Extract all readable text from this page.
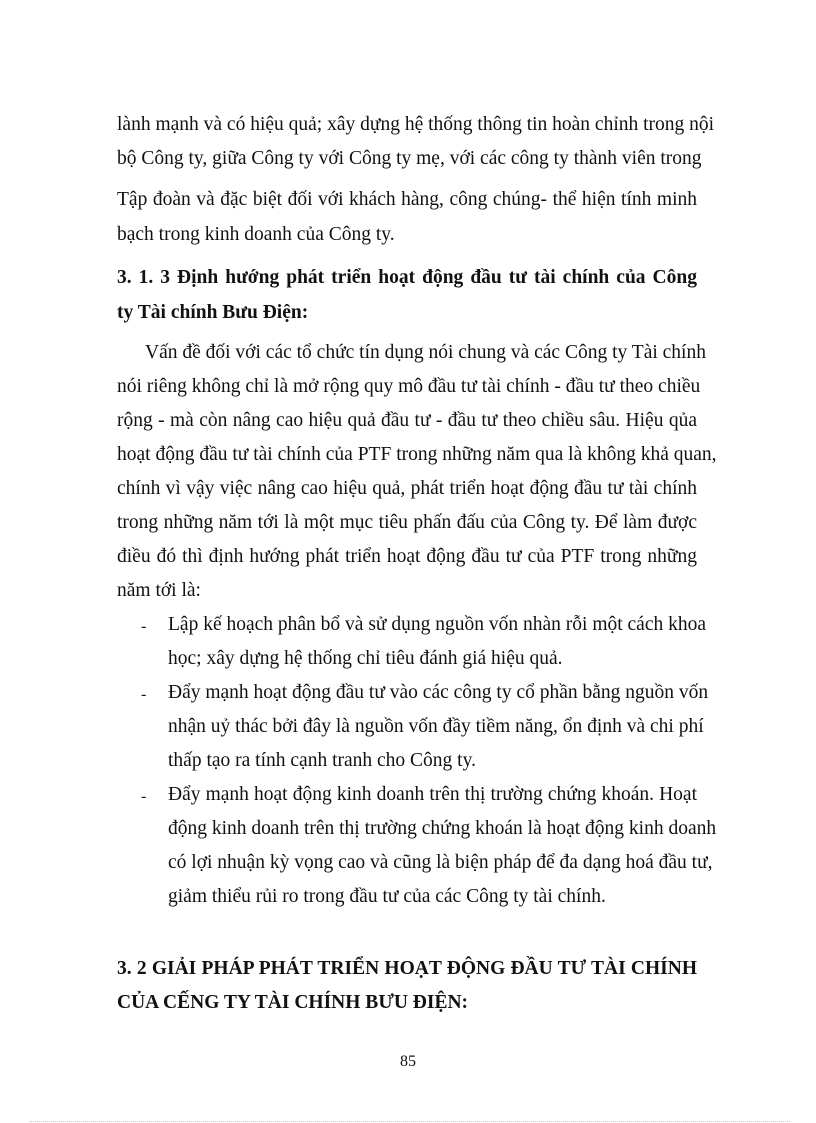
lành mạnh và có hiệu quả; xây dựng hệ thống thông tin hoàn chỉnh trong nội
bộ Công ty, giữa Công ty với Công ty mẹ, với các công ty thành viên trong
Tập đoàn và đặc biệt đối với khách hàng, công chúng- thể hiện tính minh
bạch trong kinh doanh của Công ty.
3. 1. 3 Định hướng phát triển hoạt động đầu tư tài chính của Công
ty Tài chính Bưu Điện:
Vấn đề đối với các tổ chức tín dụng nói chung và các Công ty Tài chính
nói riêng không chỉ là mở rộng quy mô đầu tư tài chính - đầu tư theo chiều
rộng - mà còn nâng cao hiệu quả đầu tư - đầu tư theo chiều sâu. Hiệu qủa
hoạt động đầu tư tài chính của PTF trong những năm qua là không khả quan,
chính vì vậy việc nâng cao hiệu quả, phát triển hoạt động đầu tư tài chính
trong những năm tới là một mục tiêu phấn đấu của Công ty. Để làm được
điều đó thì định hướng phát triển hoạt động đầu tư của PTF trong những
năm tới là:
- Lập kế hoạch phân bổ và sử dụng nguồn vốn nhàn rỗi một cách khoa
học; xây dựng hệ thống chỉ tiêu đánh giá hiệu quả.
- Đẩy mạnh hoạt động đầu tư vào các công ty cổ phần bằng nguồn vốn
nhận uỷ thác bởi đây là nguồn vốn đầy tiềm năng, ổn định và chi phí
thấp tạo ra tính cạnh tranh cho Công ty.
- Đẩy mạnh hoạt động kinh doanh trên thị trường chứng khoán. Hoạt
động kinh doanh trên thị trường chứng khoán là hoạt động kinh doanh
có lợi nhuận kỳ vọng cao và cũng là biện pháp để đa dạng hoá đầu tư,
giảm thiểu rủi ro trong đầu tư của các Công ty tài chính.
3. 2 GIẢI PHÁP PHÁT TRIỂN HOẠT ĐỘNG ĐẦU TƯ TÀI CHÍNH
CỦA CẾNG TY TÀI CHÍNH BƯU ĐIỆN:
85
